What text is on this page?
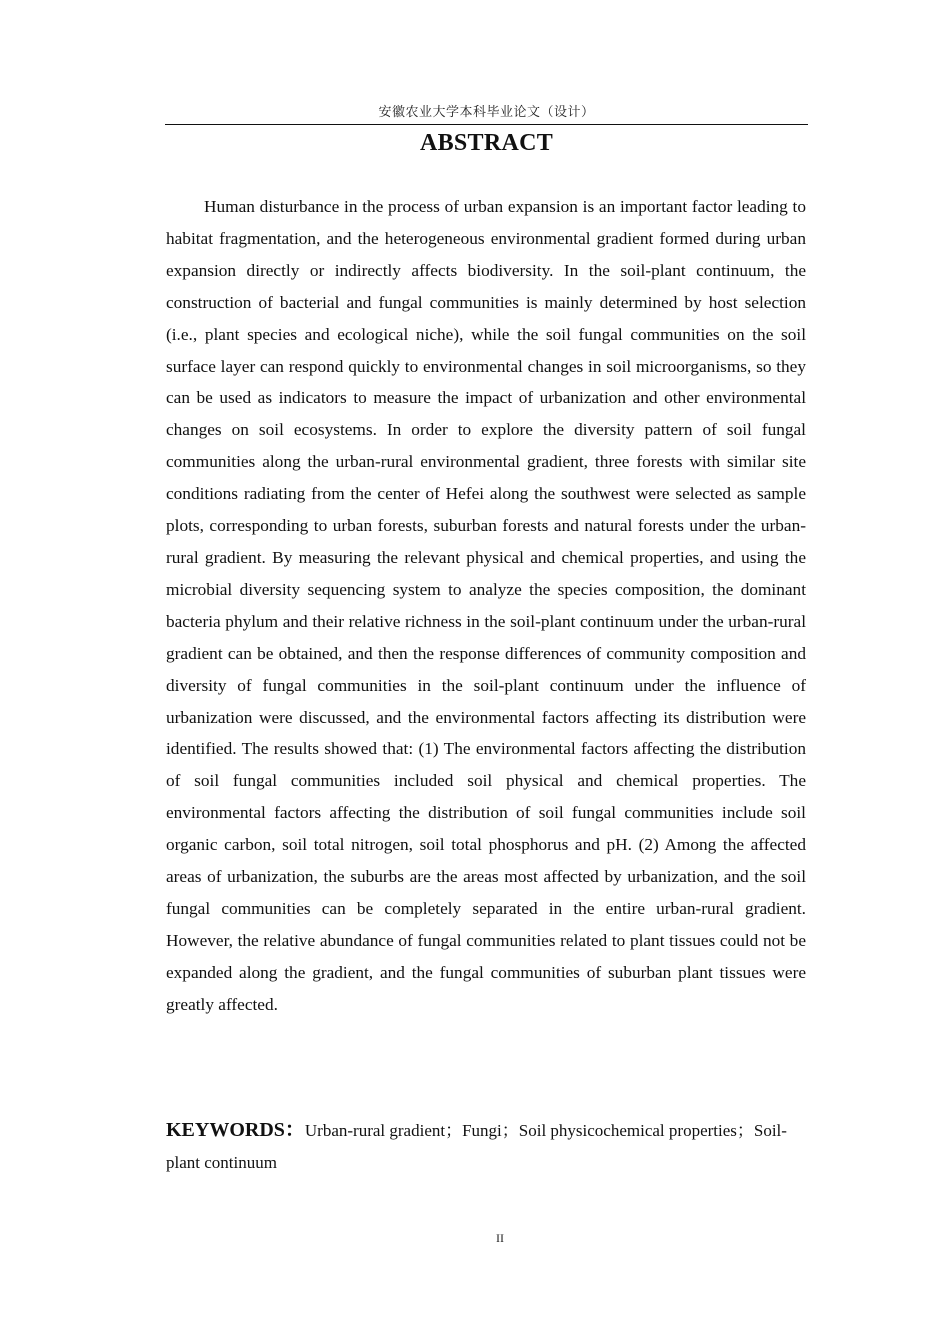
安徽农业大学本科毕业论文（设计）
ABSTRACT

Human disturbance in the process of urban expansion is an important factor leading to habitat fragmentation, and the heterogeneous environmental gradient formed during urban expansion directly or indirectly affects biodiversity. In the soil-plant continuum, the construction of bacterial and fungal communities is mainly determined by host selection (i.e., plant species and ecological niche), while the soil fungal communities on the soil surface layer can respond quickly to environmental changes in soil microorganisms, so they can be used as indicators to measure the impact of urbanization and other environmental changes on soil ecosystems. In order to explore the diversity pattern of soil fungal communities along the urban-rural environmental gradient, three forests with similar site conditions radiating from the center of Hefei along the southwest were selected as sample plots, corresponding to urban forests, suburban forests and natural forests under the urban-rural gradient. By measuring the relevant physical and chemical properties, and using the microbial diversity sequencing system to analyze the species composition, the dominant bacteria phylum and their relative richness in the soil-plant continuum under the urban-rural gradient can be obtained, and then the response differences of community composition and diversity of fungal communities in the soil-plant continuum under the influence of urbanization were discussed, and the environmental factors affecting its distribution were identified. The results showed that: (1) The environmental factors affecting the distribution of soil fungal communities included soil physical and chemical properties. The environmental factors affecting the distribution of soil fungal communities include soil organic carbon, soil total nitrogen, soil total phosphorus and pH. (2) Among the affected areas of urbanization, the suburbs are the areas most affected by urbanization, and the soil fungal communities can be completely separated in the entire urban-rural gradient. However, the relative abundance of fungal communities related to plant tissues could not be expanded along the gradient, and the fungal communities of suburban plant tissues were greatly affected.

KEYWORDS：Urban-rural gradient；Fungi；Soil physicochemical properties；Soil-plant continuum

II
